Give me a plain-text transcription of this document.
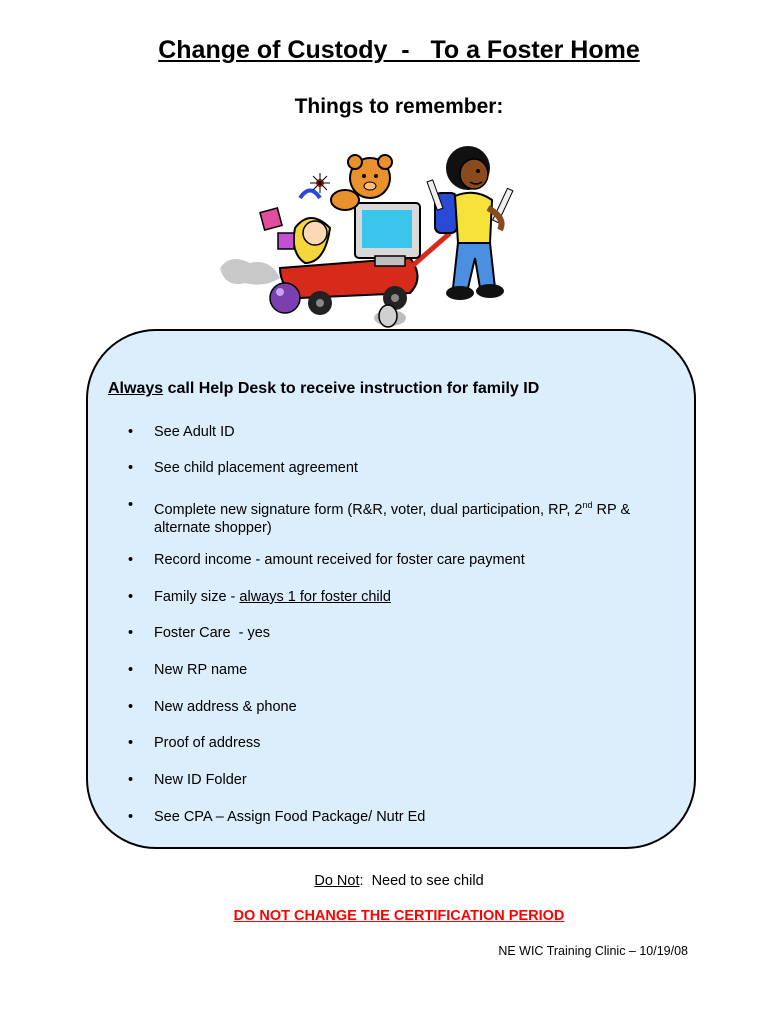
Change of Custody  -   To a Foster Home
Things to remember:
Always call Help Desk to receive instruction for family ID
• See Adult ID
• See child placement agreement
• Complete new signature form (R&R, voter, dual participation, RP, 2nd RP & alternate shopper)
• Record income - amount received for foster care payment
• Family size - always 1 for foster child
• Foster Care  - yes
• New RP name
• New address & phone
• Proof of address
• New ID Folder
• See CPA – Assign Food Package/ Nutr Ed
Do Not:  Need to see child
DO NOT CHANGE THE CERTIFICATION PERIOD
NE WIC Training Clinic – 10/19/08
